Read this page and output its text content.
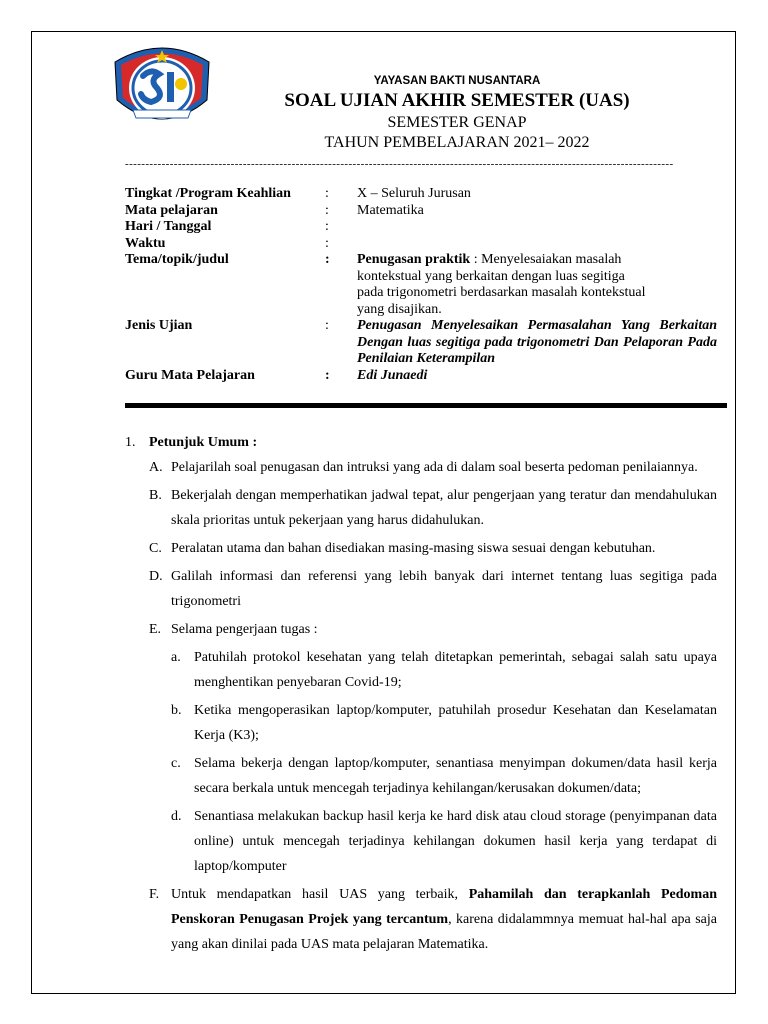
YAYASAN BAKTI NUSANTARA
SOAL UJIAN AKHIR SEMESTER (UAS)
SEMESTER GENAP
TAHUN PEMBELAJARAN 2021– 2022
---------------------------------------------------------------------------------------------------------------------------------------
Tingkat /Program Keahlian	:	X – Seluruh Jurusan
Mata pelajaran	:	Matematika
Hari / Tanggal	:
Waktu	:
Tema/topik/judul	:	Penugasan praktik : Menyelesaiakan masalah
kontekstual yang berkaitan dengan luas segitiga
pada trigonometri berdasarkan masalah kontekstual
yang disajikan.
Jenis Ujian	:	Penugasan Menyelesaikan Permasalahan Yang Berkaitan Dengan luas segitiga pada trigonometri Dan Pelaporan Pada Penilaian Keterampilan
Guru Mata Pelajaran	:	Edi Junaedi
1. Petunjuk Umum :
A. Pelajarilah soal penugasan dan intruksi yang ada di dalam soal beserta pedoman penilaiannya.
B. Bekerjalah dengan memperhatikan jadwal tepat, alur pengerjaan yang teratur dan mendahulukan skala prioritas untuk pekerjaan yang harus didahulukan.
C. Peralatan utama dan bahan disediakan masing-masing siswa sesuai dengan kebutuhan.
D. Galilah informasi dan referensi yang lebih banyak dari internet tentang luas segitiga pada trigonometri
E. Selama pengerjaan tugas :
a. Patuhilah protokol kesehatan yang telah ditetapkan pemerintah, sebagai salah satu upaya menghentikan penyebaran Covid-19;
b. Ketika mengoperasikan laptop/komputer, patuhilah prosedur Kesehatan dan Keselamatan Kerja (K3);
c. Selama bekerja dengan laptop/komputer, senantiasa menyimpan dokumen/data hasil kerja secara berkala untuk mencegah terjadinya kehilangan/kerusakan dokumen/data;
d. Senantiasa melakukan backup hasil kerja ke hard disk atau cloud storage (penyimpanan data online) untuk mencegah terjadinya kehilangan dokumen hasil kerja yang terdapat di laptop/komputer
F. Untuk mendapatkan hasil UAS yang terbaik, Pahamilah dan terapkanlah Pedoman Penskoran Penugasan Projek yang tercantum, karena didalammnya memuat hal-hal apa saja yang akan dinilai pada UAS mata pelajaran Matematika.
